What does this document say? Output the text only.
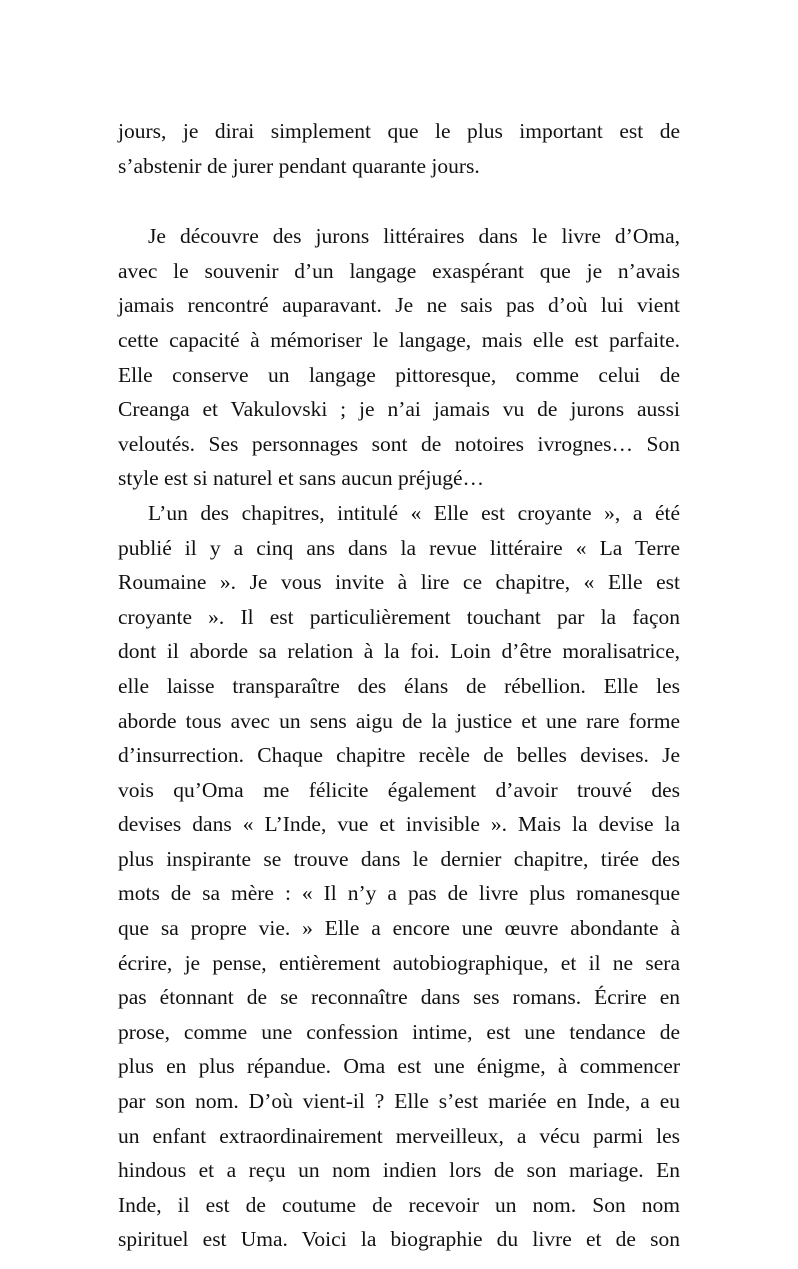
jours, je dirai simplement que le plus important est de
s’abstenir de jurer pendant quarante jours.
Je découvre des jurons littéraires dans le livre d’Oma,
avec le souvenir d’un langage exaspérant que je n’avais
jamais rencontré auparavant. Je ne sais pas d’où lui vient
cette capacité à mémoriser le langage, mais elle est parfaite.
Elle conserve un langage pittoresque, comme celui de
Creanga et Vakulovski ; je n’ai jamais vu de jurons aussi
veloutés. Ses personnages sont de notoires ivrognes… Son
style est si naturel et sans aucun préjugé…
L’un des chapitres, intitulé « Elle est croyante », a été
publié il y a cinq ans dans la revue littéraire « La Terre
Roumaine ». Je vous invite à lire ce chapitre, « Elle est
croyante ». Il est particulièrement touchant par la façon
dont il aborde sa relation à la foi. Loin d’être moralisatrice,
elle laisse transparaître des élans de rébellion. Elle les
aborde tous avec un sens aigu de la justice et une rare forme
d’insurrection. Chaque chapitre recèle de belles devises. Je
vois qu’Oma me félicite également d’avoir trouvé des
devises dans « L’Inde, vue et invisible ». Mais la devise la
plus inspirante se trouve dans le dernier chapitre, tirée des
mots de sa mère : « Il n’y a pas de livre plus romanesque
que sa propre vie. » Elle a encore une œuvre abondante à
écrire, je pense, entièrement autobiographique, et il ne sera
pas étonnant de se reconnaître dans ses romans. Écrire en
prose, comme une confession intime, est une tendance de
plus en plus répandue. Oma est une énigme, à commencer
par son nom. D’où vient-il ? Elle s’est mariée en Inde, a eu
un enfant extraordinairement merveilleux, a vécu parmi les
hindous et a reçu un nom indien lors de son mariage. En
Inde, il est de coutume de recevoir un nom. Son nom
spirituel est Uma. Voici la biographie du livre et de son
